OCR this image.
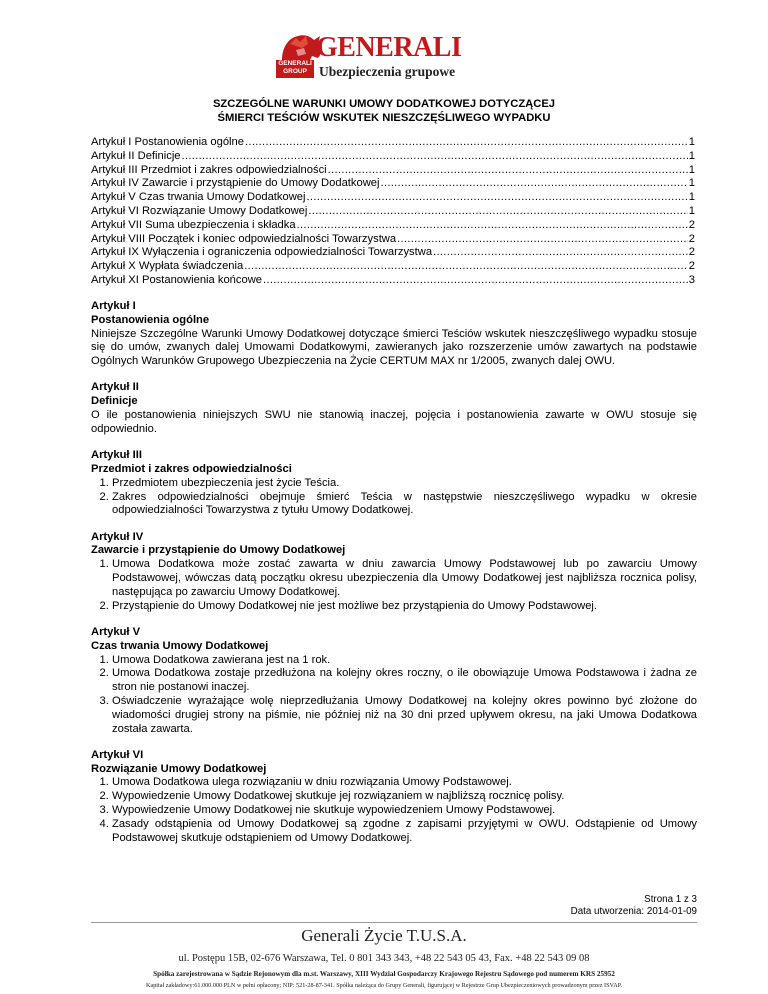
GENERALI
GROUP
GENERALI
Ubezpieczenia grupowe
SZCZEGÓLNE WARUNKI UMOWY DODATKOWEJ DOTYCZĄCEJ
ŚMIERCI TEŚCIÓW WSKUTEK NIESZCZĘŚLIWEGO WYPADKU
Artykuł I Postanowienia ogólne .....	1
Artykuł II Definicje .....	1
Artykuł III Przedmiot i zakres odpowiedzialności .....	1
Artykuł IV Zawarcie i przystąpienie do Umowy Dodatkowej .....	1
Artykuł V Czas trwania Umowy Dodatkowej .....	1
Artykuł VI Rozwiązanie Umowy Dodatkowej .....	1
Artykuł VII Suma ubezpieczenia i składka .....	2
Artykuł VIII Początek i koniec odpowiedzialności Towarzystwa .....	2
Artykuł IX Wyłączenia i ograniczenia odpowiedzialności Towarzystwa .....	2
Artykuł X Wypłata świadczenia .....	2
Artykuł XI Postanowienia końcowe .....	3
Artykuł I
Postanowienia ogólne
Niniejsze Szczególne Warunki Umowy Dodatkowej dotyczące śmierci Teściów wskutek nieszczęśliwego wypadku stosuje się do umów, zwanych dalej Umowami Dodatkowymi, zawieranych jako rozszerzenie umów zawartych na podstawie Ogólnych Warunków Grupowego Ubezpieczenia na Życie CERTUM MAX nr 1/2005, zwanych dalej OWU.
Artykuł II
Definicje
O ile postanowienia niniejszych SWU nie stanowią inaczej, pojęcia i postanowienia zawarte w OWU stosuje się odpowiednio.
Artykuł III
Przedmiot i zakres odpowiedzialności
1. Przedmiotem ubezpieczenia jest życie Teścia.
2. Zakres odpowiedzialności obejmuje śmierć Teścia w następstwie nieszczęśliwego wypadku w okresie odpowiedzialności Towarzystwa z tytułu Umowy Dodatkowej.
Artykuł IV
Zawarcie i przystąpienie do Umowy Dodatkowej
1. Umowa Dodatkowa może zostać zawarta w dniu zawarcia Umowy Podstawowej lub po zawarciu Umowy Podstawowej, wówczas datą początku okresu ubezpieczenia dla Umowy Dodatkowej jest najbliższa rocznica polisy, następująca po zawarciu Umowy Dodatkowej.
2. Przystąpienie do Umowy Dodatkowej nie jest możliwe bez przystąpienia do Umowy Podstawowej.
Artykuł V
Czas trwania Umowy Dodatkowej
1. Umowa Dodatkowa zawierana jest na 1 rok.
2. Umowa Dodatkowa zostaje przedłużona na kolejny okres roczny, o ile obowiązuje Umowa Podstawowa i żadna ze stron nie postanowi inaczej.
3. Oświadczenie wyrażające wolę nieprzedłużania Umowy Dodatkowej na kolejny okres powinno być złożone do wiadomości drugiej strony na piśmie, nie później niż na 30 dni przed upływem okresu, na jaki Umowa Dodatkowa została zawarta.
Artykuł VI
Rozwiązanie Umowy Dodatkowej
1. Umowa Dodatkowa ulega rozwiązaniu w dniu rozwiązania Umowy Podstawowej.
2. Wypowiedzenie Umowy Dodatkowej skutkuje jej rozwiązaniem w najbliższą rocznicę polisy.
3. Wypowiedzenie Umowy Dodatkowej nie skutkuje wypowiedzeniem Umowy Podstawowej.
4. Zasady odstąpienia od Umowy Dodatkowej są zgodne z zapisami przyjętymi w OWU. Odstąpienie od Umowy Podstawowej skutkuje odstąpieniem od Umowy Dodatkowej.
Strona 1 z 3
Data utworzenia: 2014-01-09
Generali Życie T.U.S.A.
ul. Postępu 15B, 02-676 Warszawa, Tel. 0 801 343 343, +48 22 543 05 43, Fax. +48 22 543 09 08
Spółka zarejestrowana w Sądzie Rejonowym dla m.st. Warszawy, XIII Wydział Gospodarczy Krajowego Rejestru Sądowego pod numerem KRS 25952
Kapitał zakładowy:61.000.000 PLN w pełni opłacony; NIP: 521-28-87-341. Spółka należąca do Grupy Generali, figurującej w Rejestrze Grup Ubezpieczeniowych prowadzonym przez ISVAP.
